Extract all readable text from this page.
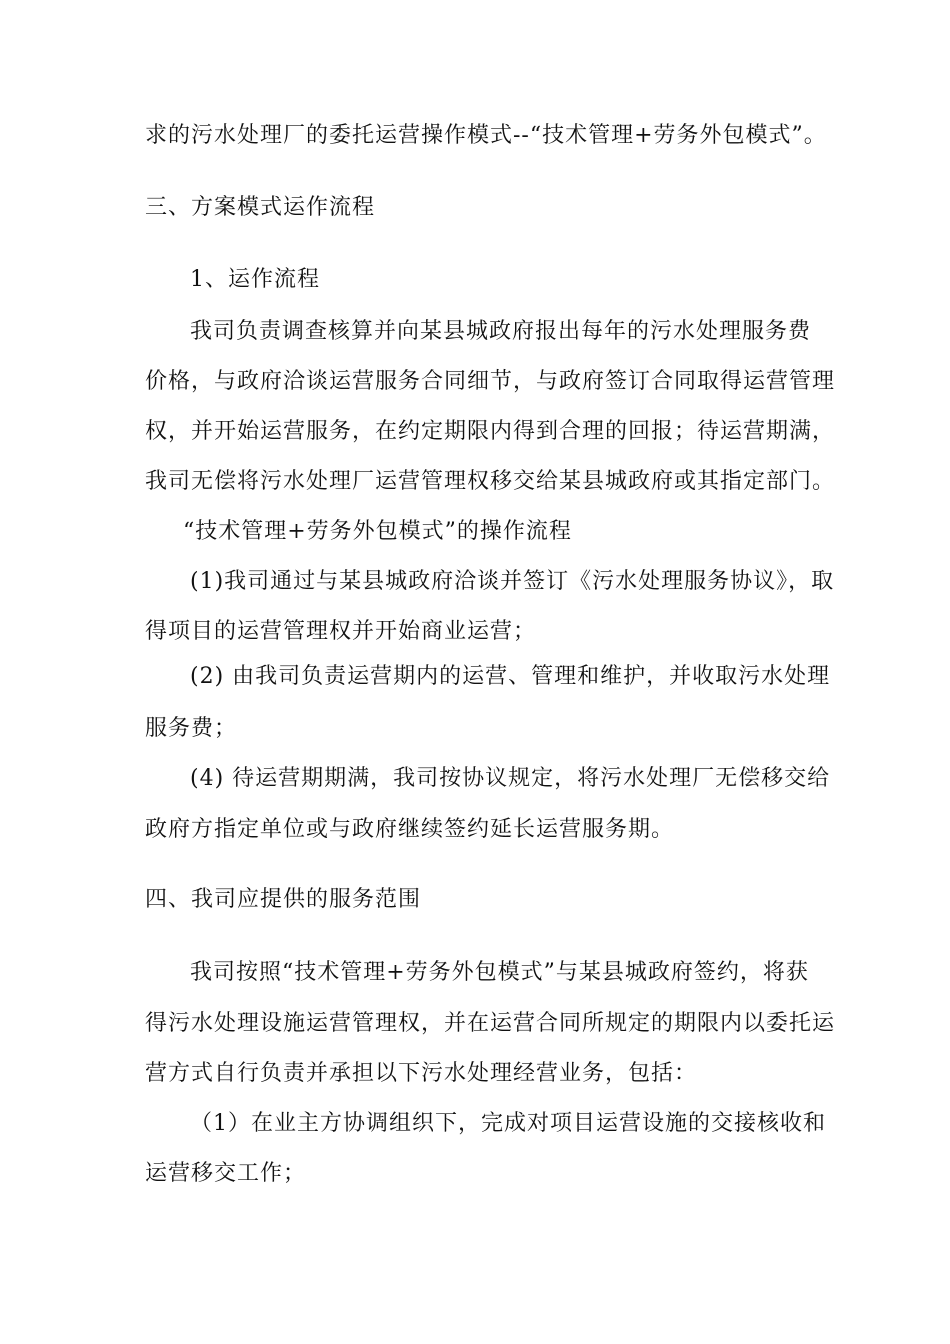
求的污水处理厂的委托运营操作模式--“技术管理+劳务外包模式”。
三、方案模式运作流程
1、运作流程
我司负责调查核算并向某县城政府报出每年的污水处理服务费
价格，与政府洽谈运营服务合同细节，与政府签订合同取得运营管理
权，并开始运营服务，在约定期限内得到合理的回报；待运营期满，
我司无偿将污水处理厂运营管理权移交给某县城政府或其指定部门。
“技术管理+劳务外包模式”的操作流程
(1)我司通过与某县城政府洽谈并签订《污水处理服务协议》，取
得项目的运营管理权并开始商业运营；
(2) 由我司负责运营期内的运营、管理和维护，并收取污水处理
服务费；
(4) 待运营期期满，我司按协议规定，将污水处理厂无偿移交给
政府方指定单位或与政府继续签约延长运营服务期。
四、我司应提供的服务范围
我司按照“技术管理+劳务外包模式”与某县城政府签约，将获
得污水处理设施运营管理权，并在运营合同所规定的期限内以委托运
营方式自行负责并承担以下污水处理经营业务，包括：
（1）在业主方协调组织下，完成对项目运营设施的交接核收和
运营移交工作；
